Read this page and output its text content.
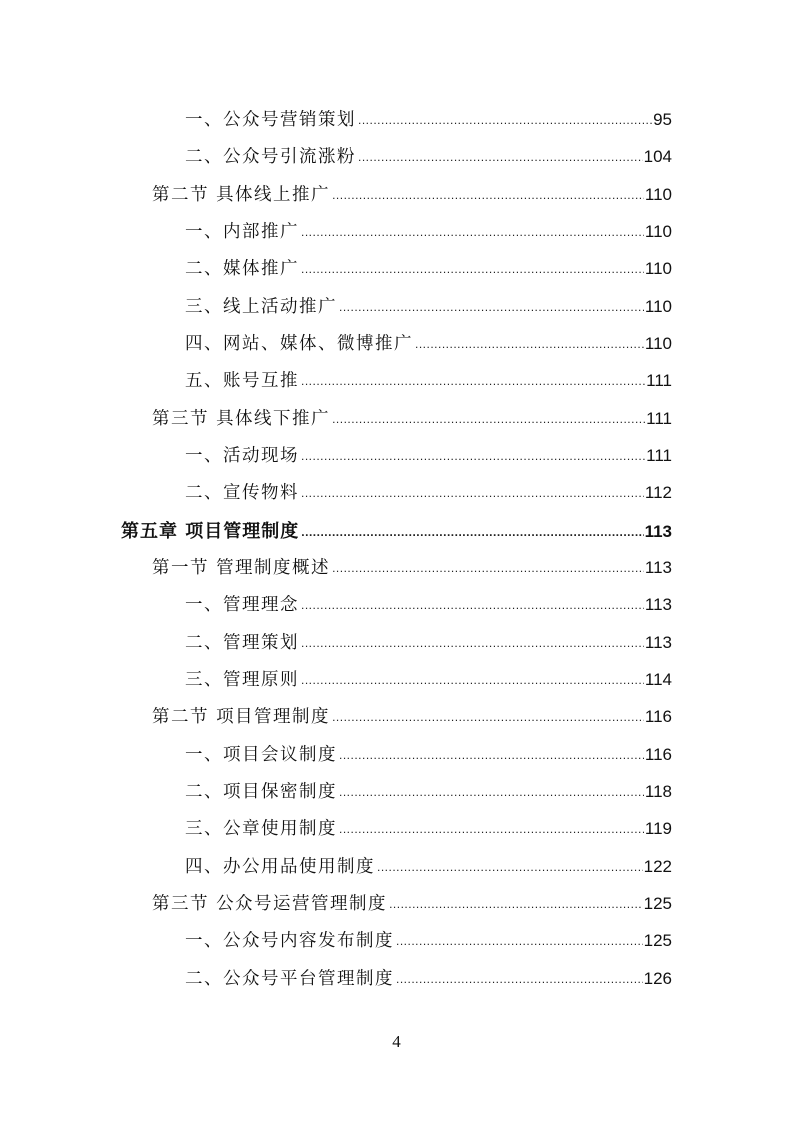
一、公众号营销策划 .....	95
二、公众号引流涨粉 .....	104
第二节 具体线上推广 .....	110
一、内部推广 .....	110
二、媒体推广 .....	110
三、线上活动推广 .....	110
四、网站、媒体、微博推广 .....	110
五、账号互推 .....	111
第三节 具体线下推广 .....	111
一、活动现场 .....	111
二、宣传物料 .....	112
第五章 项目管理制度 .....	113
第一节 管理制度概述 .....	113
一、管理理念 .....	113
二、管理策划 .....	113
三、管理原则 .....	114
第二节 项目管理制度 .....	116
一、项目会议制度 .....	116
二、项目保密制度 .....	118
三、公章使用制度 .....	119
四、办公用品使用制度 .....	122
第三节 公众号运营管理制度 .....	125
一、公众号内容发布制度 .....	125
二、公众号平台管理制度 .....	126
4
